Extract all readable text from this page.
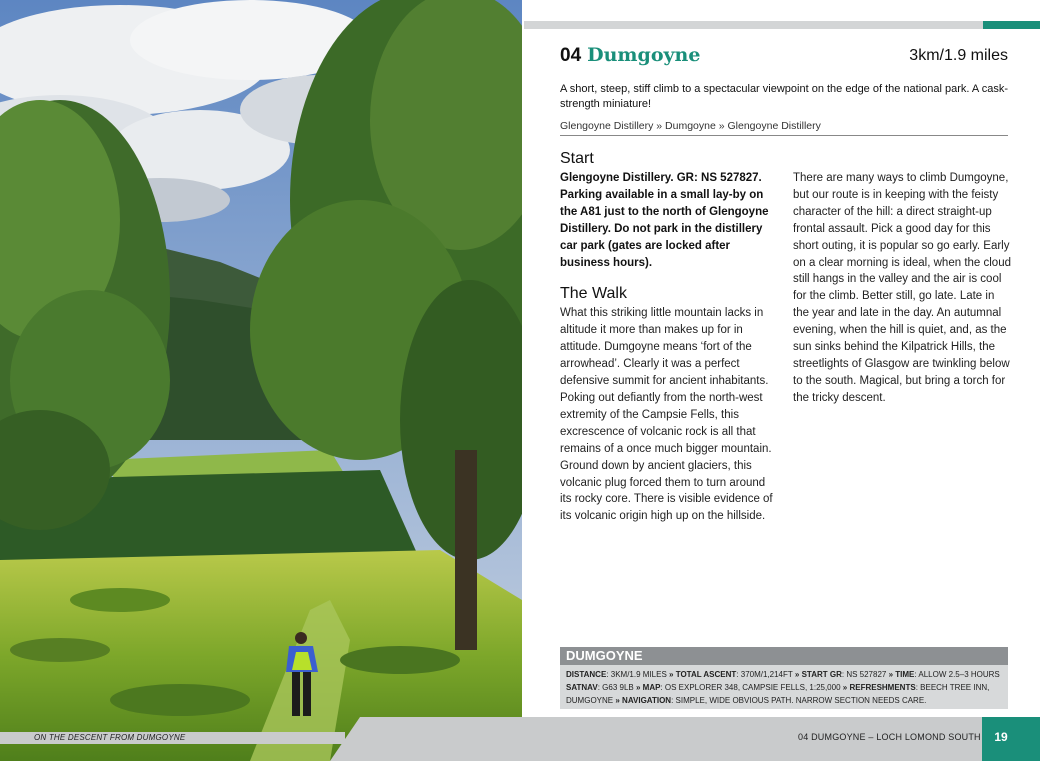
ON THE DESCENT FROM DUMGOYNE
04 Dumgoyne	3km/1.9 miles
A short, steep, stiff climb to a spectacular viewpoint on the edge of the national park. A cask-strength miniature!
Glengoyne Distillery » Dumgoyne » Glengoyne Distillery
Start

Glengoyne Distillery. GR: NS 527827. Parking available in a small lay-by on the A81 just to the north of Glengoyne Distillery. Do not park in the distillery car park (gates are locked after business hours).

The Walk

What this striking little mountain lacks in altitude it more than makes up for in attitude. Dumgoyne means ‘fort of the arrowhead’. Clearly it was a perfect defensive summit for ancient inhabitants. Poking out defiantly from the north-west extremity of the Campsie Fells, this excrescence of volcanic rock is all that remains of a once much bigger mountain. Ground down by ancient glaciers, this volcanic plug forced them to turn around its rocky core. There is visible evidence of its volcanic origin high up on the hillside.

There are many ways to climb Dumgoyne, but our route is in keeping with the feisty character of the hill: a direct straight-up frontal assault. Pick a good day for this short outing, it is popular so go early. Early on a clear morning is ideal, when the cloud still hangs in the valley and the air is cool for the climb. Better still, go late. Late in the year and late in the day. An autumnal evening, when the hill is quiet, and, as the sun sinks behind the Kilpatrick Hills, the streetlights of Glasgow are twinkling below to the south. Magical, but bring a torch for the tricky descent.
DUMGOYNE
DISTANCE: 3KM/1.9 MILES » TOTAL ASCENT: 370M/1,214FT » START GR: NS 527827 » TIME: ALLOW 2.5–3 HOURS
SATNAV: G63 9LB » MAP: OS EXPLORER 348, CAMPSIE FELLS, 1:25,000 » REFRESHMENTS: BEECH TREE INN, DUMGOYNE » NAVIGATION: SIMPLE, WIDE OBVIOUS PATH. NARROW SECTION NEEDS CARE.
04 DUMGOYNE – LOCH LOMOND SOUTH	19
